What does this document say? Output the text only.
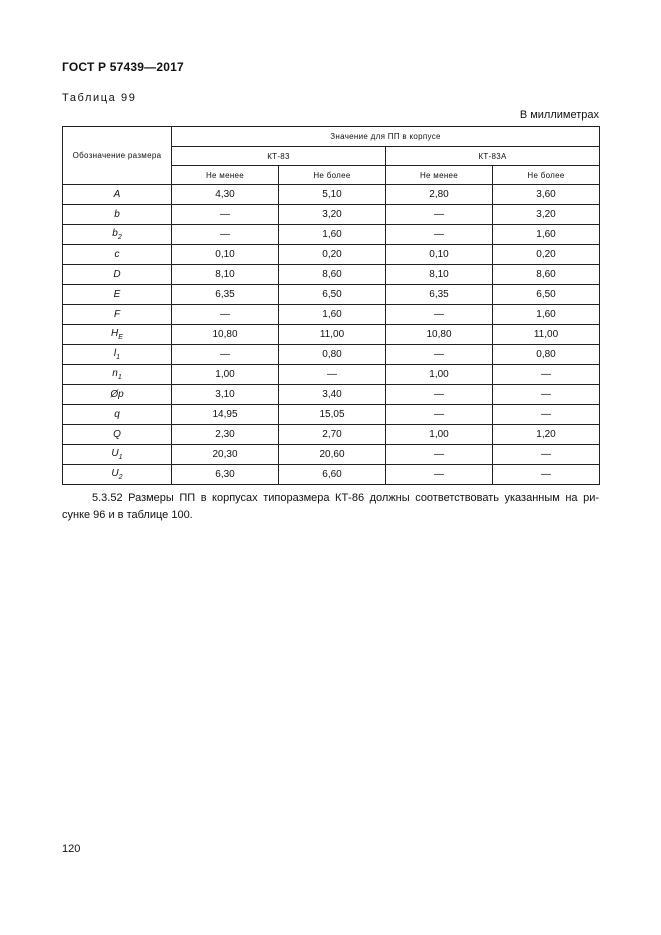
ГОСТ Р 57439—2017
Таблица 99
В миллиметрах
Обозначение размера	Значение для ПП в корпусе			
	КТ-83		КТ-83А	
	Не менее	Не более	Не менее	Не более
A	4,30	5,10	2,80	3,60
b	—	3,20	—	3,20
$b_2$	—	1,60	—	1,60
c	0,10	0,20	0,10	0,20
D	8,10	8,60	8,10	8,60
E	6,35	6,50	6,35	6,50
F	—	1,60	—	1,60
$H_E$	10,80	11,00	10,80	11,00
$l_1$	—	0,80	—	0,80
$n_1$	1,00	—	1,00	—
Øp	3,10	3,40	—	—
q	14,95	15,05	—	—
Q	2,30	2,70	1,00	1,20
$U_1$	20,30	20,60	—	—
$U_2$	6,30	6,60	—	—
5.3.52 Размеры ПП в корпусах типоразмера КТ-86 должны соответствовать указанным на ри-
сунке 96 и в таблице 100.
120
